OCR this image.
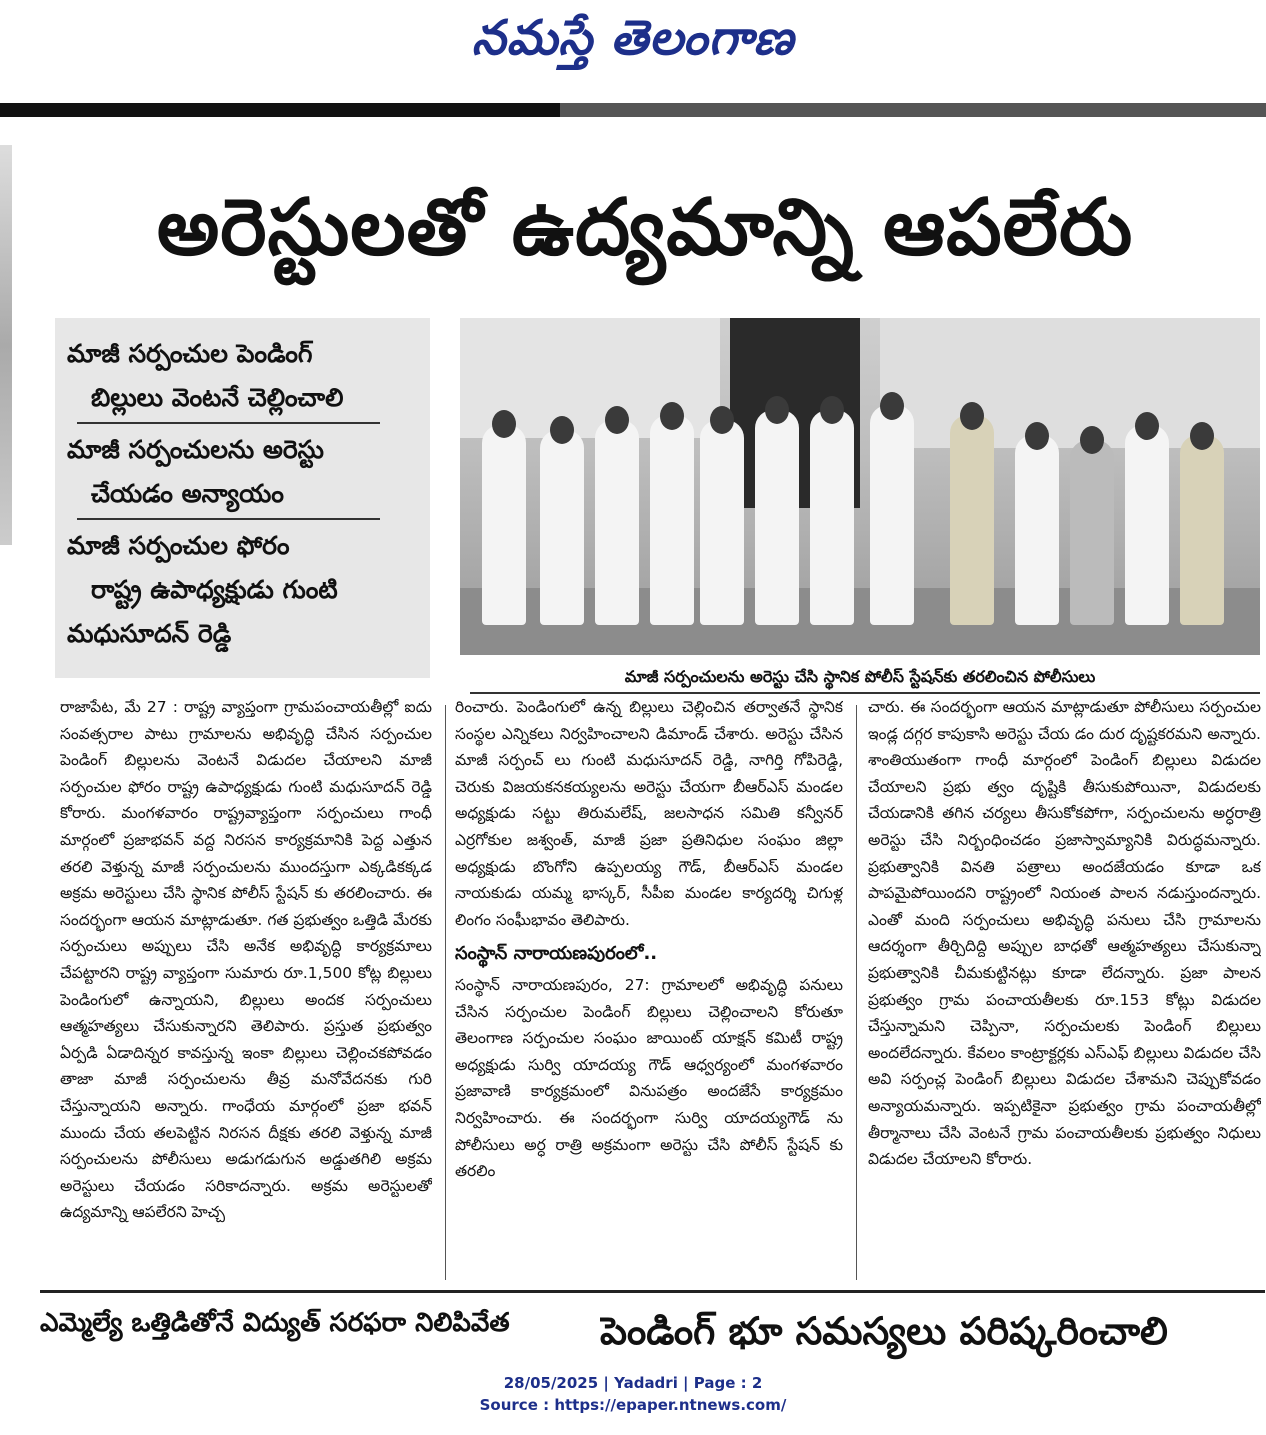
నమస్తే తెలంగాణ
అరెస్టులతో ఉద్యమాన్ని ఆపలేరు
మాజీ సర్పంచుల పెండింగ్
బిల్లులు వెంటనే చెల్లించాలి
మాజీ సర్పంచులను అరెస్టు
చేయడం అన్యాయం
మాజీ సర్పంచుల ఫోరం
రాష్ట్ర ఉపాధ్యక్షుడు గుంటి
మధుసూదన్ రెడ్డి
మాజీ సర్పంచులను అరెస్టు చేసి స్థానిక పోలీస్ స్టేషన్‌కు తరలించిన పోలీసులు
రాజాపేట, మే 27 : రాష్ట్ర వ్యాప్తంగా గ్రామపంచాయతీల్లో ఐదు సంవత్సరాల పాటు గ్రామాలను అభివృద్ధి చేసిన సర్పంచుల పెండింగ్ బిల్లులను వెంటనే విడుదల చేయాలని మాజీ సర్పంచుల ఫోరం రాష్ట్ర ఉపాధ్యక్షుడు గుంటి మధుసూదన్ రెడ్డి కోరారు. మంగళవారం రాష్ట్రవ్యాప్తంగా సర్పంచులు గాంధీ మార్గంలో ప్రజాభవన్ వద్ద నిరసన కార్యక్రమానికి పెద్ద ఎత్తున తరలి వెళ్తున్న మాజీ సర్పంచులను ముందస్తుగా ఎక్కడికక్కడ అక్రమ అరెస్టులు చేసి స్థానిక పోలీస్ స్టేషన్ కు తరలించారు. ఈ సందర్భంగా ఆయన మాట్లాడుతూ. గత ప్రభుత్వం ఒత్తిడి మేరకు సర్పంచులు అప్పులు చేసి అనేక అభివృద్ధి కార్యక్రమాలు చేపట్టారని రాష్ట్ర వ్యాప్తంగా సుమారు రూ.1,500 కోట్ల బిల్లులు పెండింగులో ఉన్నాయని, బిల్లులు అందక సర్పంచులు ఆత్మహత్యలు చేసుకున్నారని తెలిపారు. ప్రస్తుత ప్రభుత్వం ఏర్పడి ఏడాదిన్నర కావస్తున్న ఇంకా బిల్లులు చెల్లించకపోవడం తాజా మాజీ సర్పంచులను తీవ్ర మనోవేదనకు గురి చేస్తున్నాయని అన్నారు. గాంధేయ మార్గంలో ప్రజా భవన్ ముందు చేయ తలపెట్టిన నిరసన దీక్షకు తరలి వెళ్తున్న మాజీ సర్పంచులను పోలీసులు అడుగడుగున అడ్డుతగిలి అక్రమ అరెస్టులు చేయడం సరికాదన్నారు. అక్రమ అరెస్టులతో ఉద్యమాన్ని ఆపలేరని హెచ్చ
రించారు. పెండింగులో ఉన్న బిల్లులు చెల్లించిన తర్వాతనే స్థానిక సంస్థల ఎన్నికలు నిర్వహించాలని డిమాండ్ చేశారు. అరెస్టు చేసిన మాజీ సర్పంచ్ లు గుంటి మధుసూదన్ రెడ్డి, నాగిర్తి గోపిరెడ్డి, చెరుకు విజయకనకయ్యలను అరెస్టు చేయగా బీఆర్ఎస్ మండల అధ్యక్షుడు సట్టు తిరుమలేష్, జలసాధన సమితి కన్వీనర్ ఎర్రగోకుల జశ్వంత్, మాజీ ప్రజా ప్రతినిధుల సంఘం జిల్లా అధ్యక్షుడు బొంగోని ఉప్పలయ్య గౌడ్, బీఆర్ఎస్ మండల నాయకుడు యమ్మ భాస్కర్, సీపీఐ మండల కార్యదర్శి చిగుళ్ల లింగం సంఘీభావం తెలిపారు.
సంస్థాన్ నారాయణపురంలో..
సంస్థాన్ నారాయణపురం, 27: గ్రామాలలో అభివృద్ధి పనులు చేసిన సర్పంచుల పెండింగ్ బిల్లులు చెల్లించాలని కోరుతూ తెలంగాణ సర్పంచుల సంఘం జాయింట్ యాక్షన్ కమిటీ రాష్ట్ర అధ్యక్షుడు సుర్వి యాదయ్య గౌడ్ ఆధ్వర్యంలో మంగళవారం ప్రజావాణి కార్యక్రమంలో వినుపత్రం అందజేసే కార్యక్రమం నిర్వహించారు. ఈ సందర్భంగా సుర్వి యాదయ్యగౌడ్ ను పోలీసులు అర్ధ రాత్రి అక్రమంగా అరెస్టు చేసి పోలీస్ స్టేషన్ కు తరలిం
చారు. ఈ సందర్భంగా ఆయన మాట్లాడుతూ పోలీసులు సర్పంచుల ఇండ్ల దగ్గర కాపుకాసి అరెస్టు చేయ డం దుర దృష్టకరమని అన్నారు. శాంతియుతంగా గాంధీ మార్గంలో పెండింగ్ బిల్లులు విడుదల చేయాలని ప్రభు త్వం దృష్టికి తీసుకుపోయినా, విడుదలకు చేయడానికి తగిన చర్యలు తీసుకోకపోగా, సర్పంచులను అర్ధరాత్రి అరెస్టు చేసి నిర్బంధించడం ప్రజాస్వామ్యానికి విరుద్ధమన్నారు. ప్రభుత్వానికి వినతి పత్రాలు అందజేయడం కూడా ఒక పాపమైపోయిందని రాష్ట్రంలో నియంత పాలన నడుస్తుందన్నారు. ఎంతో మంది సర్పంచులు అభివృద్ధి పనులు చేసి గ్రామాలను ఆదర్శంగా తీర్చిదిద్ది అప్పుల బాధతో ఆత్మహత్యలు చేసుకున్నా ప్రభుత్వానికి చీమకుట్టినట్లు కూడా లేదన్నారు. ప్రజా పాలన ప్రభుత్వం గ్రామ పంచాయతీలకు రూ.153 కోట్లు విడుదల చేస్తున్నామని చెప్పినా, సర్పంచులకు పెండింగ్ బిల్లులు అందలేదన్నారు. కేవలం కాంట్రాక్టర్లకు ఎస్ఎఫ్ బిల్లులు విడుదల చేసి అవి సర్పంచ్ల పెండింగ్ బిల్లులు విడుదల చేశామని చెప్పుకోవడం అన్యాయమన్నారు. ఇప్పటికైనా ప్రభుత్వం గ్రామ పంచాయతీల్లో తీర్మానాలు చేసి వెంటనే గ్రామ పంచాయతీలకు ప్రభుత్వం నిధులు విడుదల చేయాలని కోరారు.
ఎమ్మెల్యే ఒత్తిడితోనే విద్యుత్ సరఫరా నిలిపివేత	పెండింగ్ భూ సమస్యలు పరిష్కరించాలి
28/05/2025 | Yadadri | Page : 2
Source : https://epaper.ntnews.com/
